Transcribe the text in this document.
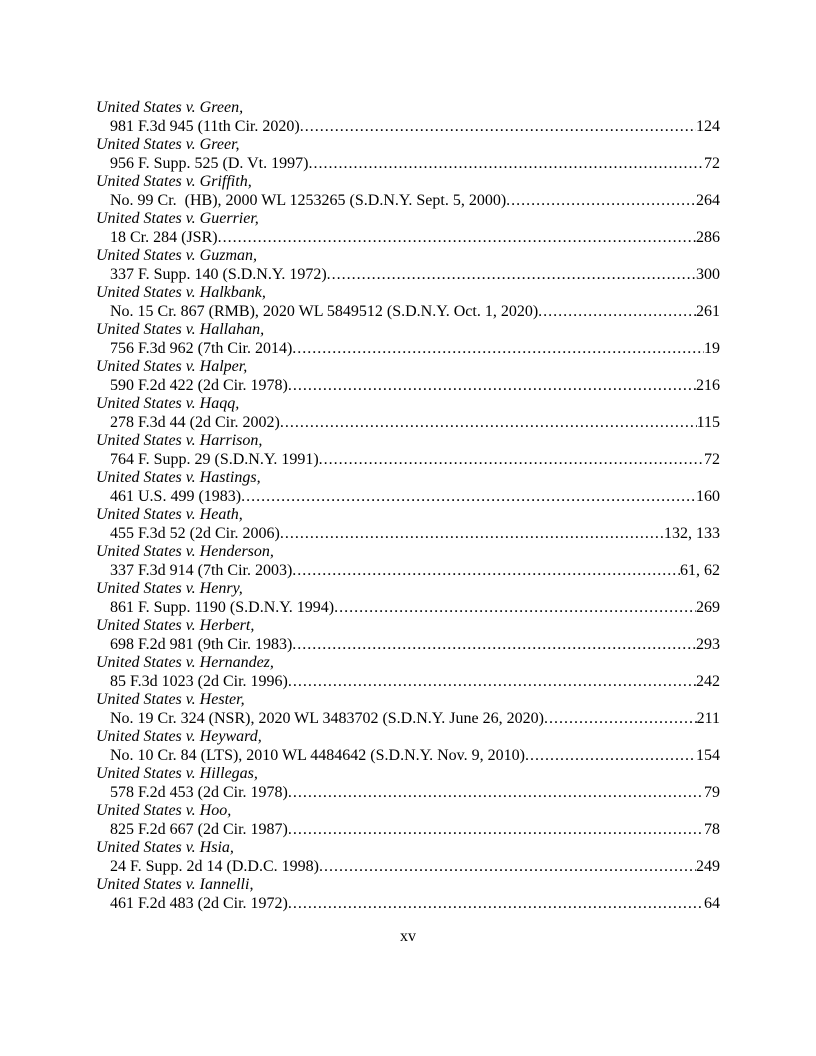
United States v. Green,
981 F.3d 945 (11th Cir. 2020) .....	124
United States v. Greer,
956 F. Supp. 525 (D. Vt. 1997) .....	72
United States v. Griffith,
No. 99 Cr.  (HB), 2000 WL 1253265 (S.D.N.Y. Sept. 5, 2000) .....	264
United States v. Guerrier,
18 Cr. 284 (JSR) .....	286
United States v. Guzman,
337 F. Supp. 140 (S.D.N.Y. 1972) .....	300
United States v. Halkbank,
No. 15 Cr. 867 (RMB), 2020 WL 5849512 (S.D.N.Y. Oct. 1, 2020) .....	261
United States v. Hallahan,
756 F.3d 962 (7th Cir. 2014) .....	19
United States v. Halper,
590 F.2d 422 (2d Cir. 1978) .....	216
United States v. Haqq,
278 F.3d 44 (2d Cir. 2002) .....	115
United States v. Harrison,
764 F. Supp. 29 (S.D.N.Y. 1991) .....	72
United States v. Hastings,
461 U.S. 499 (1983) .....	160
United States v. Heath,
455 F.3d 52 (2d Cir. 2006) .....	132, 133
United States v. Henderson,
337 F.3d 914 (7th Cir. 2003) .....	61, 62
United States v. Henry,
861 F. Supp. 1190 (S.D.N.Y. 1994) .....	269
United States v. Herbert,
698 F.2d 981 (9th Cir. 1983) .....	293
United States v. Hernandez,
85 F.3d 1023 (2d Cir. 1996) .....	242
United States v. Hester,
No. 19 Cr. 324 (NSR), 2020 WL 3483702 (S.D.N.Y. June 26, 2020) .....	211
United States v. Heyward,
No. 10 Cr. 84 (LTS), 2010 WL 4484642 (S.D.N.Y. Nov. 9, 2010) .....	154
United States v. Hillegas,
578 F.2d 453 (2d Cir. 1978) .....	79
United States v. Hoo,
825 F.2d 667 (2d Cir. 1987) .....	78
United States v. Hsia,
24 F. Supp. 2d 14 (D.D.C. 1998) .....	249
United States v. Iannelli,
461 F.2d 483 (2d Cir. 1972) .....	64
xv
